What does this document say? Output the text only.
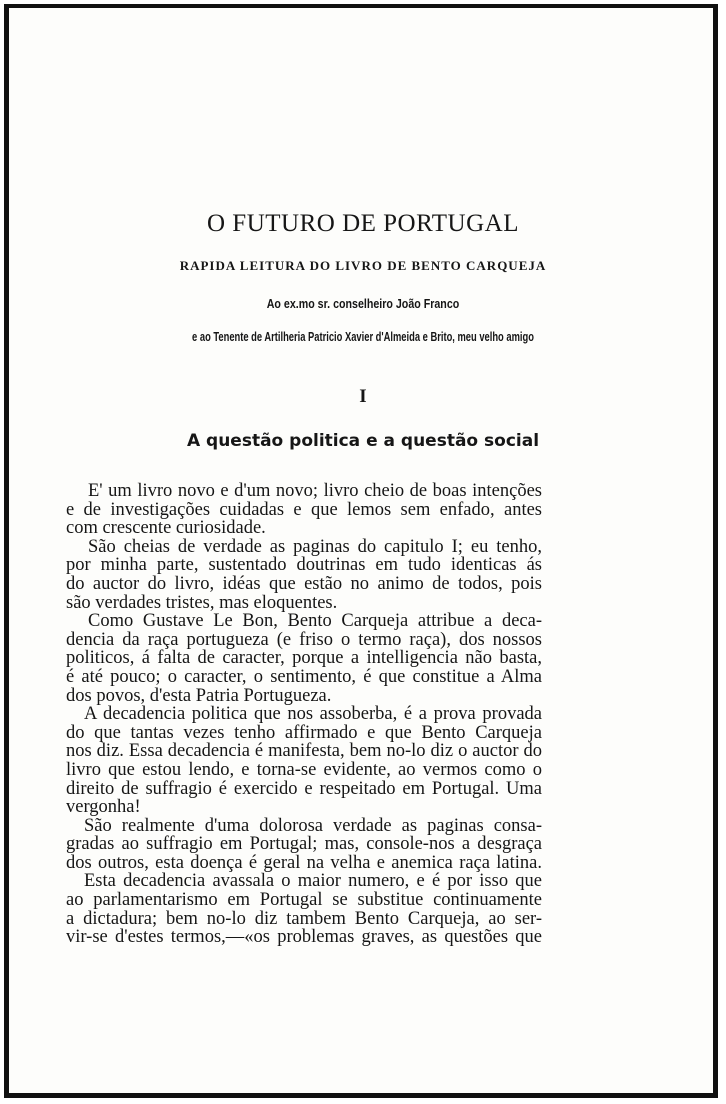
O FUTURO DE PORTUGAL
RAPIDA LEITURA DO LIVRO DE BENTO CARQUEJA
Ao ex.mo sr. conselheiro João Franco
e ao Tenente de Artilheria Patricio Xavier d'Almeida e Brito, meu velho amigo
I
A questão politica e a questão social
E' um livro novo e d'um novo; livro cheio de boas intenções
e de investigações cuidadas e que lemos sem enfado, antes
com crescente curiosidade.
São cheias de verdade as paginas do capitulo I; eu tenho,
por minha parte, sustentado doutrinas em tudo identicas ás
do auctor do livro, idéas que estão no animo de todos, pois
são verdades tristes, mas eloquentes.
Como Gustave Le Bon, Bento Carqueja attribue a deca-
dencia da raça portugueza (e friso o termo raça), dos nossos
politicos, á falta de caracter, porque a intelligencia não basta,
é até pouco; o caracter, o sentimento, é que constitue a Alma
dos povos, d'esta Patria Portugueza.
A decadencia politica que nos assoberba, é a prova provada
do que tantas vezes tenho affirmado e que Bento Carqueja
nos diz. Essa decadencia é manifesta, bem no-lo diz o auctor do
livro que estou lendo, e torna-se evidente, ao vermos como o
direito de suffragio é exercido e respeitado em Portugal. Uma
vergonha!
São realmente d'uma dolorosa verdade as paginas consa-
gradas ao suffragio em Portugal; mas, console-nos a desgraça
dos outros, esta doença é geral na velha e anemica raça latina.
Esta decadencia avassala o maior numero, e é por isso que
ao parlamentarismo em Portugal se substitue continuamente
a dictadura; bem no-lo diz tambem Bento Carqueja, ao ser-
vir-se d'estes termos,—«os problemas graves, as questões que
